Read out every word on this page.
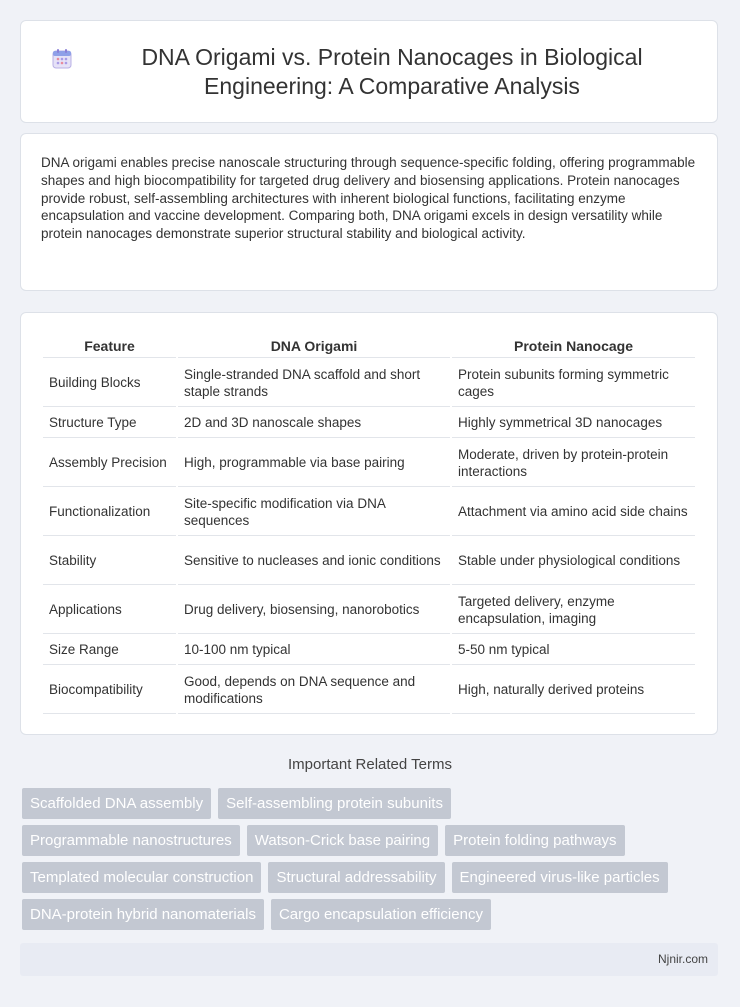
DNA Origami vs. Protein Nanocages in Biological Engineering: A Comparative Analysis

DNA origami enables precise nanoscale structuring through sequence-specific folding, offering programmable shapes and high biocompatibility for targeted drug delivery and biosensing applications. Protein nanocages provide robust, self-assembling architectures with inherent biological functions, facilitating enzyme encapsulation and vaccine development. Comparing both, DNA origami excels in design versatility while protein nanocages demonstrate superior structural stability and biological activity.

Feature	DNA Origami	Protein Nanocage
Building Blocks	Single-stranded DNA scaffold and short staple strands	Protein subunits forming symmetric cages
Structure Type	2D and 3D nanoscale shapes	Highly symmetrical 3D nanocages
Assembly Precision	High, programmable via base pairing	Moderate, driven by protein-protein interactions
Functionalization	Site-specific modification via DNA sequences	Attachment via amino acid side chains
Stability	Sensitive to nucleases and ionic conditions	Stable under physiological conditions
Applications	Drug delivery, biosensing, nanorobotics	Targeted delivery, enzyme encapsulation, imaging
Size Range	10-100 nm typical	5-50 nm typical
Biocompatibility	Good, depends on DNA sequence and modifications	High, naturally derived proteins
Important Related Terms
Scaffolded DNA assembly	Self-assembling protein subunits
Programmable nanostructures	Watson-Crick base pairing	Protein folding pathways
Templated molecular construction	Structural addressability	Engineered virus-like particles
DNA-protein hybrid nanomaterials	Cargo encapsulation efficiency
Njnir.com
